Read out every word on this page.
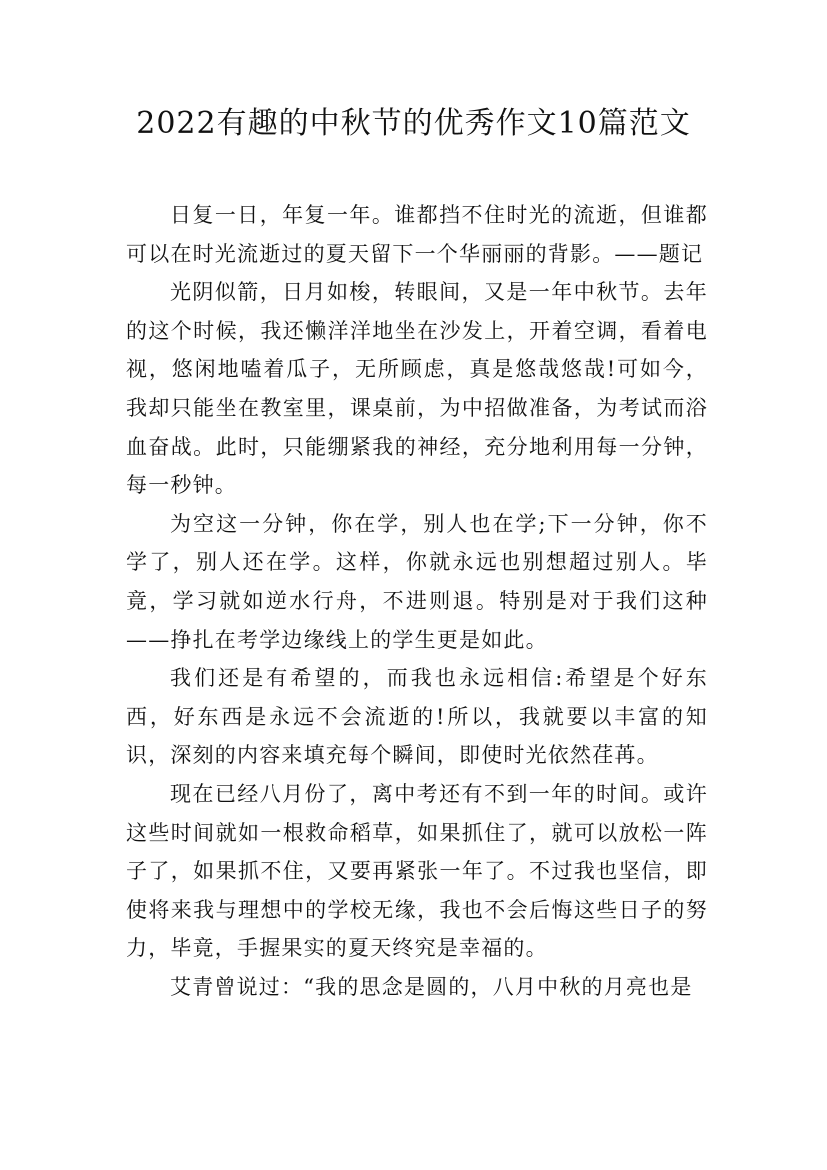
2022有趣的中秋节的优秀作文10篇范文

日复一日，年复一年。谁都挡不住时光的流逝，但谁都可以在时光流逝过的夏天留下一个华丽丽的背影。——题记

光阴似箭，日月如梭，转眼间，又是一年中秋节。去年的这个时候，我还懒洋洋地坐在沙发上，开着空调，看着电视，悠闲地嗑着瓜子，无所顾虑，真是悠哉悠哉!可如今，我却只能坐在教室里，课桌前，为中招做准备，为考试而浴血奋战。此时，只能绷紧我的神经，充分地利用每一分钟，每一秒钟。

为空这一分钟，你在学，别人也在学;下一分钟，你不学了，别人还在学。这样，你就永远也别想超过别人。毕竟，学习就如逆水行舟，不进则退。特别是对于我们这种——挣扎在考学边缘线上的学生更是如此。

我们还是有希望的，而我也永远相信:希望是个好东西，好东西是永远不会流逝的!所以，我就要以丰富的知识，深刻的内容来填充每个瞬间，即使时光依然荏苒。

现在已经八月份了，离中考还有不到一年的时间。或许这些时间就如一根救命稻草，如果抓住了，就可以放松一阵子了，如果抓不住，又要再紧张一年了。不过我也坚信，即使将来我与理想中的学校无缘，我也不会后悔这些日子的努力，毕竟，手握果实的夏天终究是幸福的。

艾青曾说过：“我的思念是圆的，八月中秋的月亮也是
